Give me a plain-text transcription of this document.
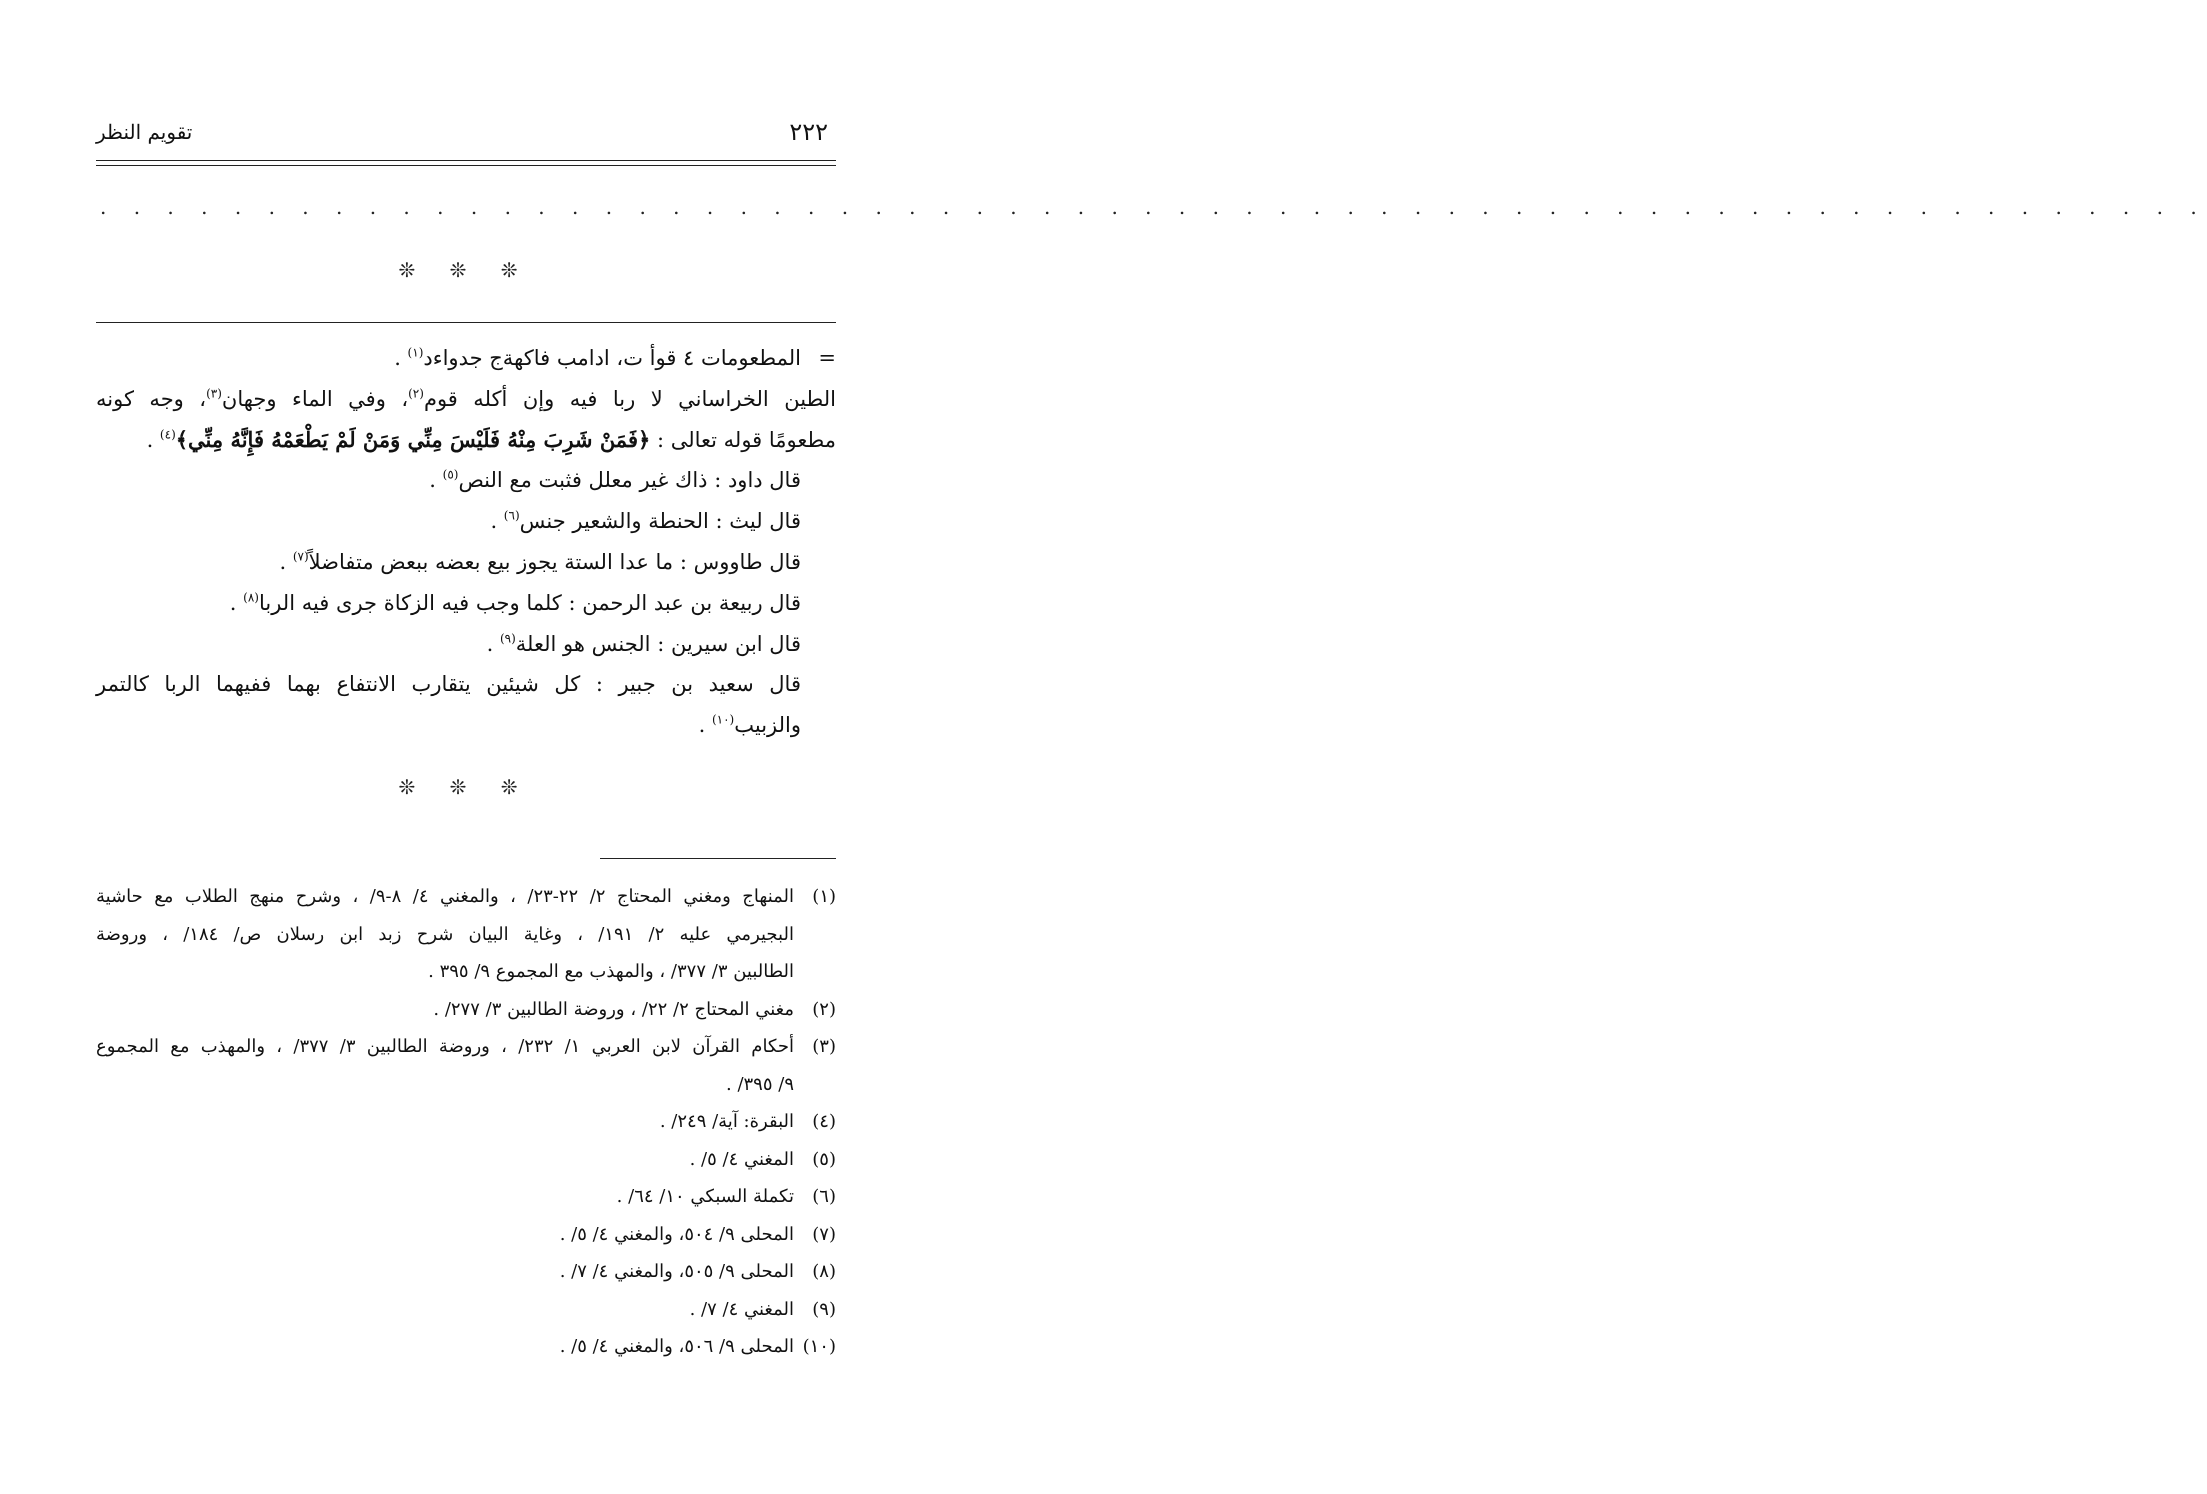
٢٢٢
تقويم النظر
. . . . . . . . . . . . . . . . . . . . . . . . . . . . . . . . . . . . . . . . . . . . . . . . . . . . . . . . . . . . . . .
❊ ❊ ❊
=المطعومات ٤ قوأ ت، ادامب فاكهةج جدواءد$^{(١)}$ .
الطين الخراساني لا ربا فيه وإن أكله قوم$^{(٢)}$، وفي الماء وجهان$^{(٣)}$، وجه كونه
مطعومًا قوله تعالى : ﴿فَمَنْ شَرِبَ مِنْهُ فَلَيْسَ مِنِّي وَمَنْ لَمْ يَطْعَمْهُ فَإِنَّهُ مِنِّي﴾$^{(٤)}$ .
قال داود : ذاك غير معلل فثبت مع النص$^{(٥)}$ .
قال ليث : الحنطة والشعير جنس$^{(٦)}$ .
قال طاووس : ما عدا الستة يجوز بيع بعضه ببعض متفاضلاً$^{(٧)}$ .
قال ربيعة بن عبد الرحمن : كلما وجب فيه الزكاة جرى فيه الربا$^{(٨)}$ .
قال ابن سيرين : الجنس هو العلة$^{(٩)}$ .
قال سعيد بن جبير : كل شيئين يتقارب الانتفاع بهما ففيهما الربا كالتمر
والزبيب$^{(١٠)}$ .
❊ ❊ ❊
(١)المنهاج ومغني المحتاج ٢/ ٢٢-٢٣/ ، والمغني ٤/ ٨-٩/ ، وشرح منهج الطلاب مع حاشية
البجيرمي عليه ٢/ ١٩١/ ، وغاية البيان شرح زبد ابن رسلان ص/ ١٨٤/ ، وروضة
الطالبين ٣/ ٣٧٧/ ، والمهذب مع المجموع ٩/ ٣٩٥ .
(٢)مغني المحتاج ٢/ ٢٢/ ، وروضة الطالبين ٣/ ٢٧٧/ .
(٣)أحكام القرآن لابن العربي ١/ ٢٣٢/ ، وروضة الطالبين ٣/ ٣٧٧/ ، والمهذب مع المجموع
٩/ ٣٩٥/ .
(٤)البقرة: آية/ ٢٤٩/ .
(٥)المغني ٤/ ٥/ .
(٦)تكملة السبكي ١٠/ ٦٤/ .
(٧)المحلى ٩/ ٥٠٤، والمغني ٤/ ٥/ .
(٨)المحلى ٩/ ٥٠٥، والمغني ٤/ ٧/ .
(٩)المغني ٤/ ٧/ .
(١٠)المحلى ٩/ ٥٠٦، والمغني ٤/ ٥/ .
